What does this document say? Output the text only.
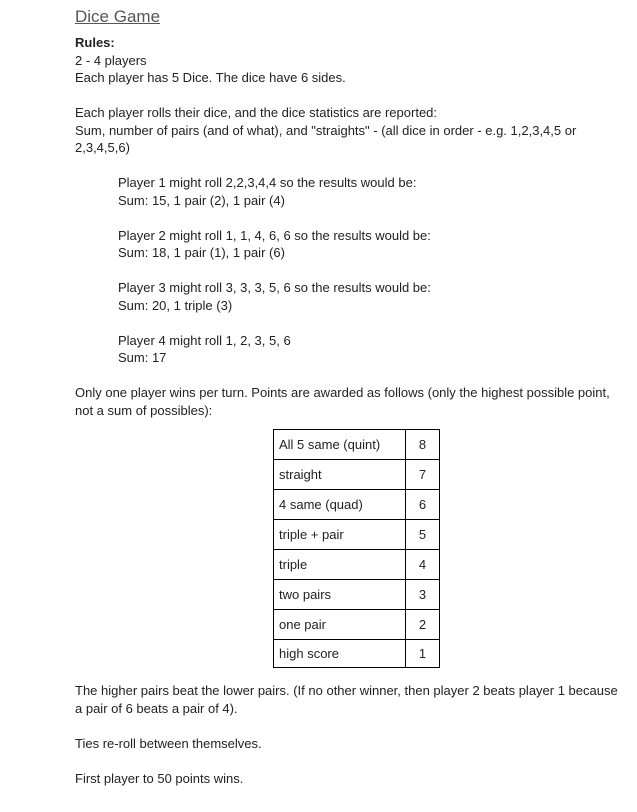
Dice Game

Rules:

2 - 4 players

Each player has 5 Dice. The dice have 6 sides.

Each player rolls their dice, and the dice statistics are reported:

Sum, number of pairs (and of what), and "straights" - (all dice in order - e.g. 1,2,3,4,5 or

2,3,4,5,6)

Player 1 might roll 2,2,3,4,4 so the results would be:

Sum: 15, 1 pair (2), 1 pair (4)

Player 2 might roll 1, 1, 4, 6, 6 so the results would be:

Sum: 18, 1 pair (1), 1 pair (6)

Player 3 might roll 3, 3, 3, 5, 6 so the results would be:

Sum: 20, 1 triple (3)

Player 4 might roll 1, 2, 3, 5, 6

Sum: 17

Only one player wins per turn. Points are awarded as follows (only the highest possible point,

not a sum of possibles):

All 5 same (quint)	8
straight	7
4 same (quad)	6
triple + pair	5
triple	4
two pairs	3
one pair	2
high score	1

The higher pairs beat the lower pairs. (If no other winner, then player 2 beats player 1 because

a pair of 6 beats a pair of 4).

Ties re-roll between themselves.

First player to 50 points wins.
